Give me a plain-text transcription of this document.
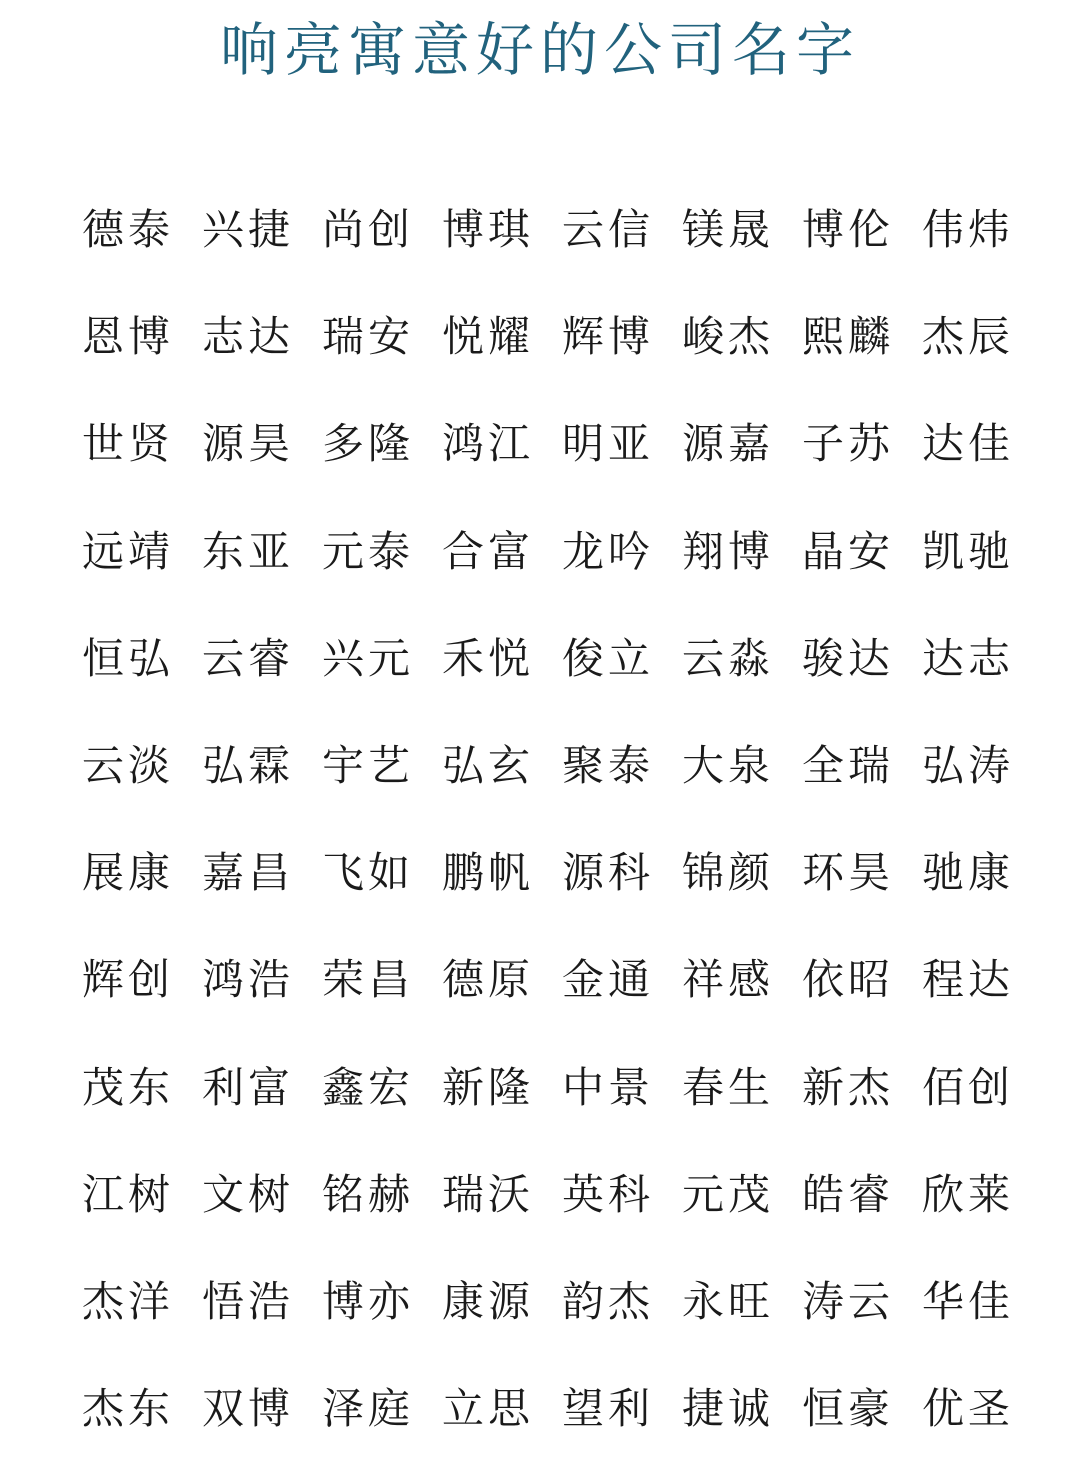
响亮寓意好的公司名字
德泰 兴捷 尚创 博琪 云信 镁晟 博伦 伟炜
恩博 志达 瑞安 悦耀 辉博 峻杰 熙麟 杰辰
世贤 源昊 多隆 鸿江 明亚 源嘉 子苏 达佳
远靖 东亚 元泰 合富 龙吟 翔博 晶安 凯驰
恒弘 云睿 兴元 禾悦 俊立 云淼 骏达 达志
云淡 弘霖 宇艺 弘玄 聚泰 大泉 全瑞 弘涛
展康 嘉昌 飞如 鹏帆 源科 锦颜 环昊 驰康
辉创 鸿浩 荣昌 德原 金通 祥感 依昭 程达
茂东 利富 鑫宏 新隆 中景 春生 新杰 佰创
江树 文树 铭赫 瑞沃 英科 元茂 皓睿 欣莱
杰洋 悟浩 博亦 康源 韵杰 永旺 涛云 华佳
杰东 双博 泽庭 立思 望利 捷诚 恒豪 优圣
